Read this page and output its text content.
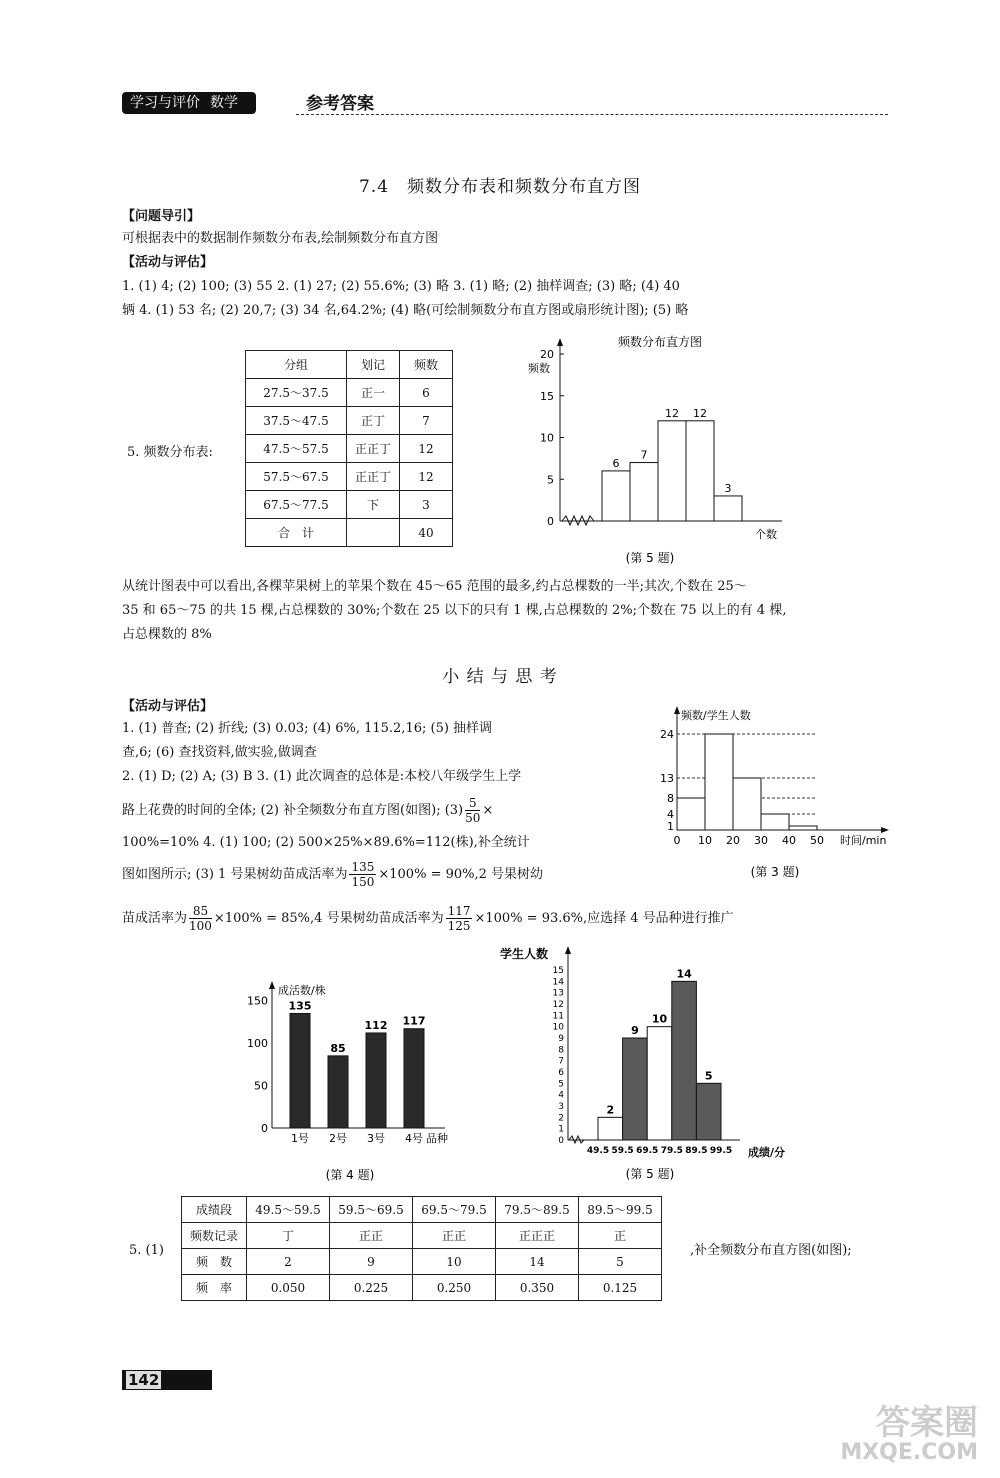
学习与评价 数学	参考答案
7.4　频数分布表和频数分布直方图
【问题导引】
可根据表中的数据制作频数分布表,绘制频数分布直方图
【活动与评估】
1. (1) 4; (2) 100; (3) 55 2. (1) 27; (2) 55.6%; (3) 略 3. (1) 略; (2) 抽样调查; (3) 略; (4) 40
辆 4. (1) 53 名; (2) 20,7; (3) 34 名,64.2%; (4) 略(可绘制频数分布直方图或扇形统计图); (5) 略
5. 频数分布表:
分组	划记	频数
27.5～37.5	正一	6
37.5～47.5	正丁	7
47.5～57.5	正正丁	12
57.5～67.5	正正丁	12
67.5～77.5	下	3
合　计		40
频数分布直方图
频数
个数
0
5
10
15
20
6
7
12 12
3
(第 5 题)
从统计图表中可以看出,各棵苹果树上的苹果个数在 45～65 范围的最多,约占总棵数的一半;其次,个数在 25～
35 和 65～75 的共 15 棵,占总棵数的 30%;个数在 25 以下的只有 1 棵,占总棵数的 2%;个数在 75 以上的有 4 棵,
占总棵数的 8%
小 结 与 思 考
【活动与评估】
1. (1) 普查; (2) 折线; (3) 0.03; (4) 6%, 115.2,16; (5) 抽样调
查,6; (6) 查找资料,做实验,做调查
2. (1) D; (2) A; (3) B 3. (1) 此次调查的总体是:本校八年级学生上学
路上花费的时间的全体; (2) 补全频数分布直方图(如图); $(3) \frac{5}{50}$ ×
100%=10% 4. (1) 100; (2) 500×25%×89.6%=112(株),补全统计
图如图所示; (3) 1 号果树幼苗成活率为 $\frac{135}{150} \times 100\% = 90\%,2$ 号果树幼
苗成活率为 $\frac{85}{100} \times 100\% = 85\%,4$ 号果树幼苗成活率为 $\frac{117}{125} \times 100\% = 93.6\%$,应选择 4 号品种进行推广
频数/学生人数
1
4
8
13
24
0 10 20 30 40 50 时间/min
(第 3 题)
成活数/株
0
50
100
150 135
1号
85
2号
112
3号
117
4号 品种
(第 4 题)
学生人数
0
1
2
3
4
5
6
7
8
9
10
11
12
13
14
15
2
9
10
14
5
49.5 59.5 69.5 79.5 89.5 99.5 成绩/分
(第 5 题)
5. (1)
成绩段	49.5～59.5	59.5～69.5	69.5～79.5	79.5～89.5	89.5～99.5
频数记录	丁	正正	正正	正正正	正
频　数	2	9	10	14	5
频　率	0.050	0.225	0.250	0.350	0.125
,补全频数分布直方图(如图);
142
答案圈
MXQE.COM
